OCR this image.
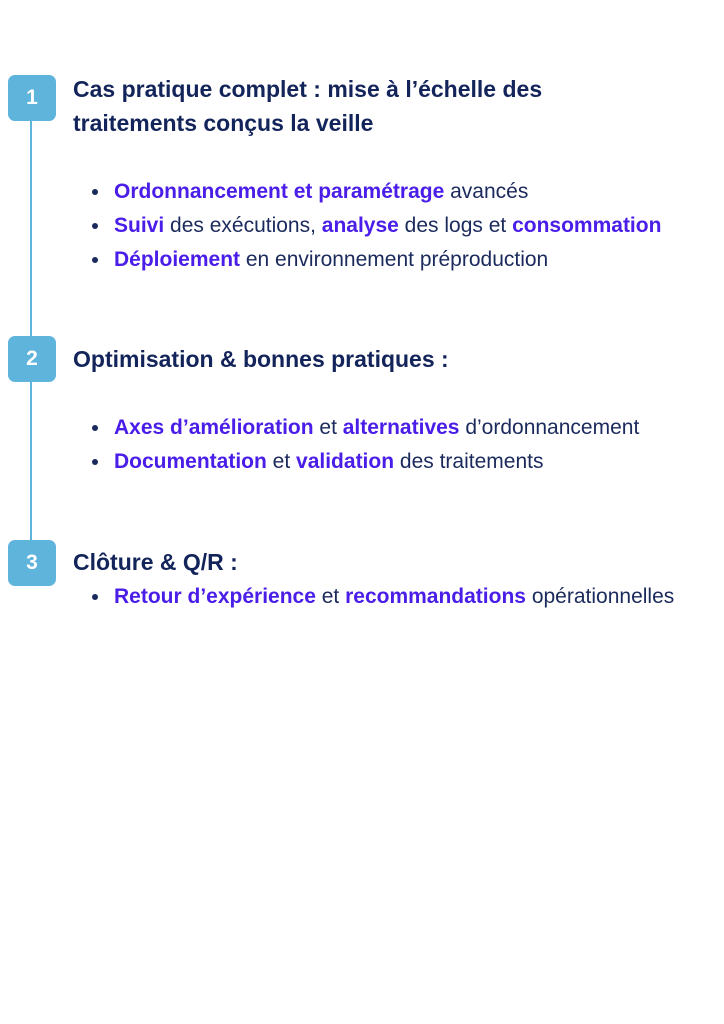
1 Cas pratique complet : mise à l’échelle des
traitements conçus la veille
Ordonnancement et paramétrage avancés
Suivi des exécutions, analyse des logs et consommation
Déploiement en environnement préproduction
2 Optimisation & bonnes pratiques :
Axes d’amélioration et alternatives d’ordonnancement
Documentation et validation des traitements
3 Clôture & Q/R :
Retour d’expérience et recommandations opérationnelles
